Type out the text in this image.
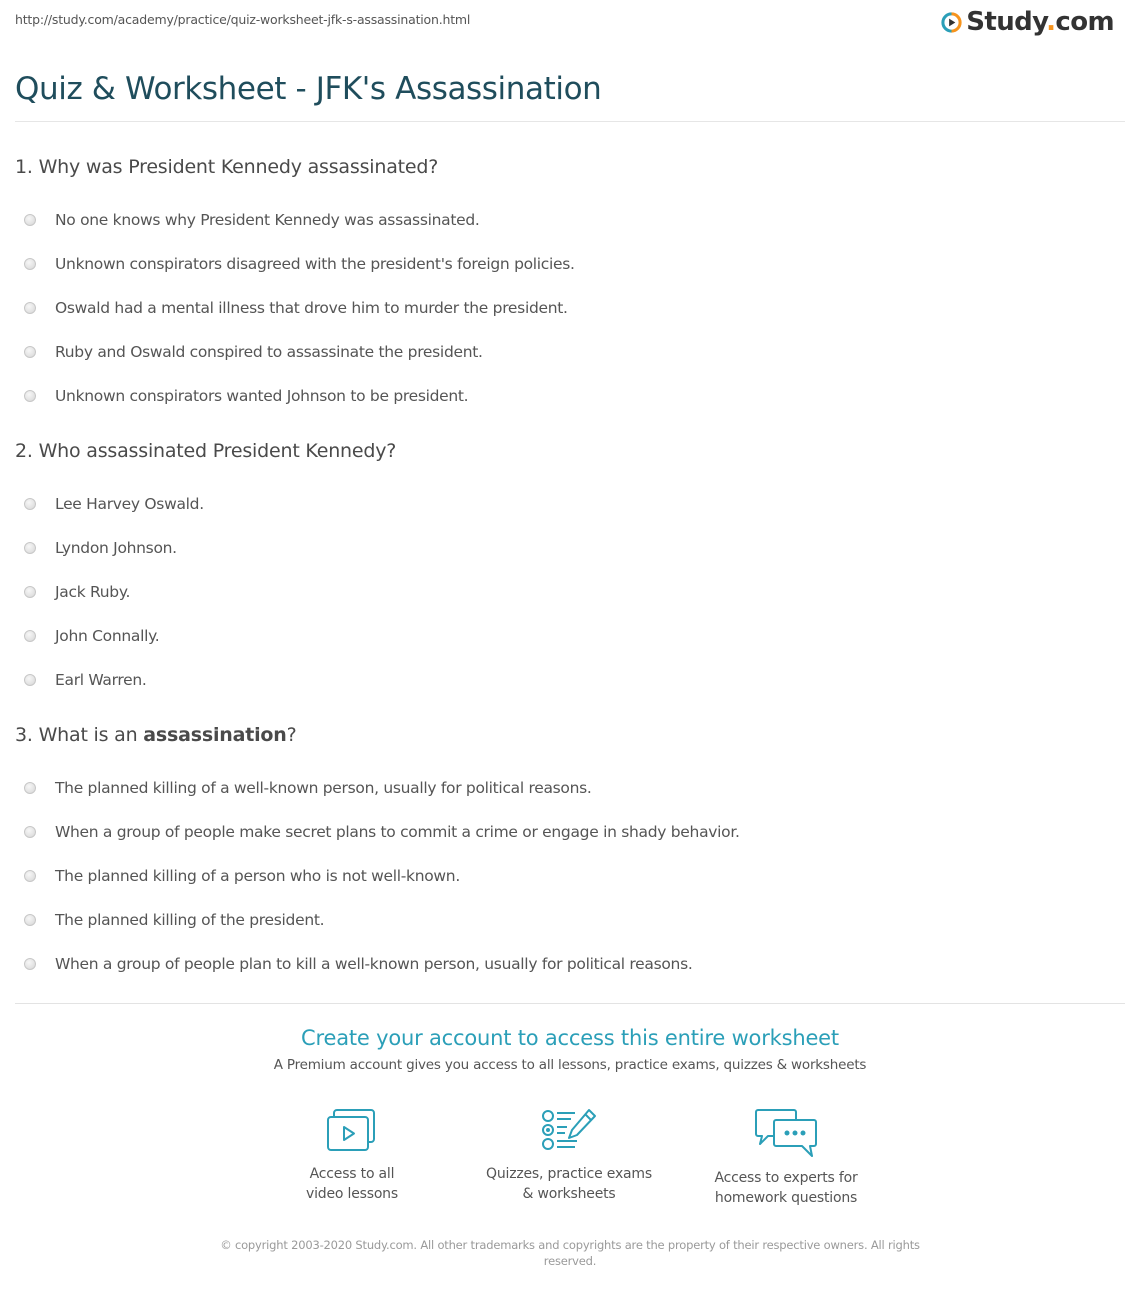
http://study.com/academy/practice/quiz-worksheet-jfk-s-assassination.html	Study.com
Quiz & Worksheet - JFK's Assassination
1. Why was President Kennedy assassinated?
No one knows why President Kennedy was assassinated.
Unknown conspirators disagreed with the president's foreign policies.
Oswald had a mental illness that drove him to murder the president.
Ruby and Oswald conspired to assassinate the president.
Unknown conspirators wanted Johnson to be president.
2. Who assassinated President Kennedy?
Lee Harvey Oswald.
Lyndon Johnson.
Jack Ruby.
John Connally.
Earl Warren.
3. What is an assassination?
The planned killing of a well-known person, usually for political reasons.
When a group of people make secret plans to commit a crime or engage in shady behavior.
The planned killing of a person who is not well-known.
The planned killing of the president.
When a group of people plan to kill a well-known person, usually for political reasons.
Create your account to access this entire worksheet
A Premium account gives you access to all lessons, practice exams, quizzes & worksheets
Access to all
video lessons
Quizzes, practice exams
& worksheets
Access to experts for
homework questions
© copyright 2003-2020 Study.com. All other trademarks and copyrights are the property of their respective owners. All rights reserved.
